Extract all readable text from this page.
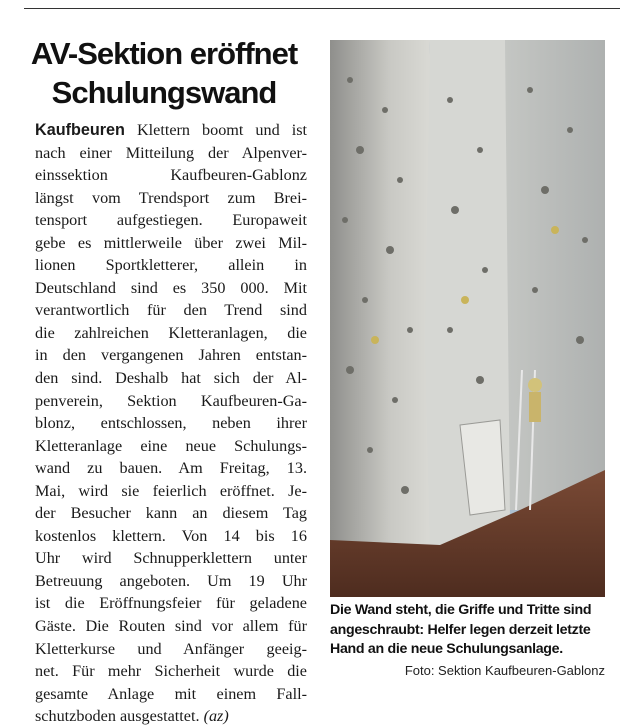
AV-Sektion eröffnet
Schulungswand
Kaufbeuren Klettern boomt und ist
nach einer Mitteilung der Alpenver-
einssektion Kaufbeuren-Gablonz
längst vom Trendsport zum Brei-
tensport aufgestiegen. Europaweit
gebe es mittlerweile über zwei Mil-
lionen Sportkletterer, allein in
Deutschland sind es 350 000. Mit
verantwortlich für den Trend sind
die zahlreichen Kletteranlagen, die
in den vergangenen Jahren entstan-
den sind. Deshalb hat sich der Al-
penverein, Sektion Kaufbeuren-Ga-
blonz, entschlossen, neben ihrer
Kletteranlage eine neue Schulungs-
wand zu bauen. Am Freitag, 13.
Mai, wird sie feierlich eröffnet. Je-
der Besucher kann an diesem Tag
kostenlos klettern. Von 14 bis 16
Uhr wird Schnupperklettern unter
Betreuung angeboten. Um 19 Uhr
ist die Eröffnungsfeier für geladene
Gäste. Die Routen sind vor allem für
Kletterkurse und Anfänger geeig-
net. Für mehr Sicherheit wurde die
gesamte Anlage mit einem Fall-
schutzboden ausgestattet. (az)
Die Wand steht, die Griffe und Tritte sind angeschraubt: Helfer legen derzeit letzte Hand an die neue Schulungsanlage.
Foto: Sektion Kaufbeuren-Gablonz
